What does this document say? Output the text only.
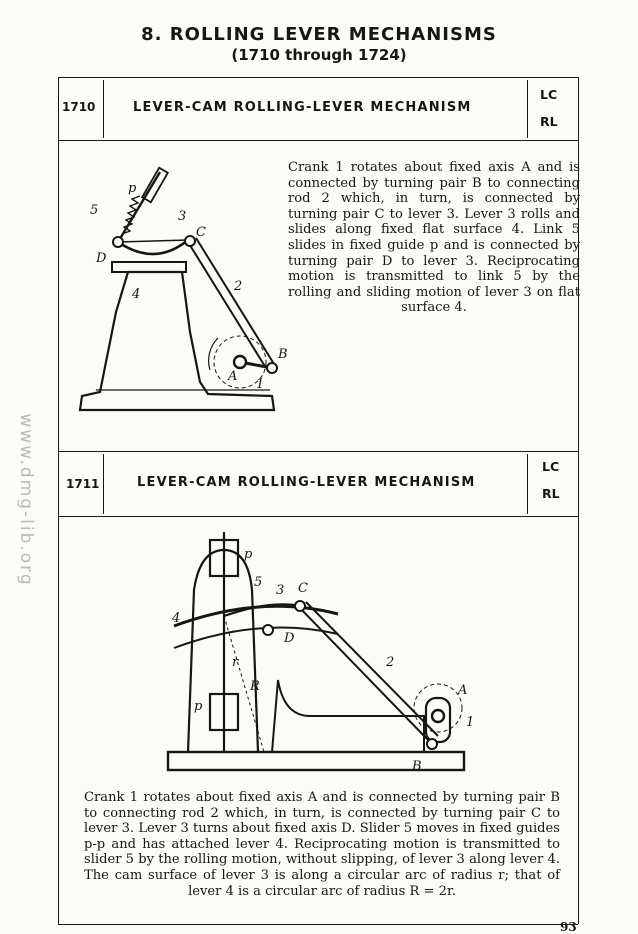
8. ROLLING LEVER MECHANISMS
(1710 through 1724)
www.dmg-lib.org
1710	LEVER-CAM ROLLING-LEVER MECHANISM
LC
RL
p
5	3
C
D
4
2
B
A
1
Crank 1 rotates about fixed axis A and is connected by turning pair B to connecting rod 2 which, in turn, is connected by turning pair C to lever 3. Lever 3 rolls and slides along fixed flat surface 4. Link 5 slides in fixed guide p and is connected by turning pair D to lever 3. Reciprocating motion is transmitted to link 5 by the rolling and sliding motion of lever 3 on flat surface 4.
1711	LEVER-CAM ROLLING-LEVER MECHANISM
LC
RL
p
5
3 C
4
D
r
R
p
2
A
1
B
Crank 1 rotates about fixed axis A and is connected by turning pair B to connecting rod 2 which, in turn, is connected by turning pair C to lever 3. Lever 3 turns about fixed axis D. Slider 5 moves in fixed guides p-p and has attached lever 4. Reciprocating motion is transmitted to slider 5 by the rolling motion, without slipping, of lever 3 along lever 4. The cam surface of lever 3 is along a circular arc of radius r; that of lever 4 is a circular arc of radius R = 2r.
93
